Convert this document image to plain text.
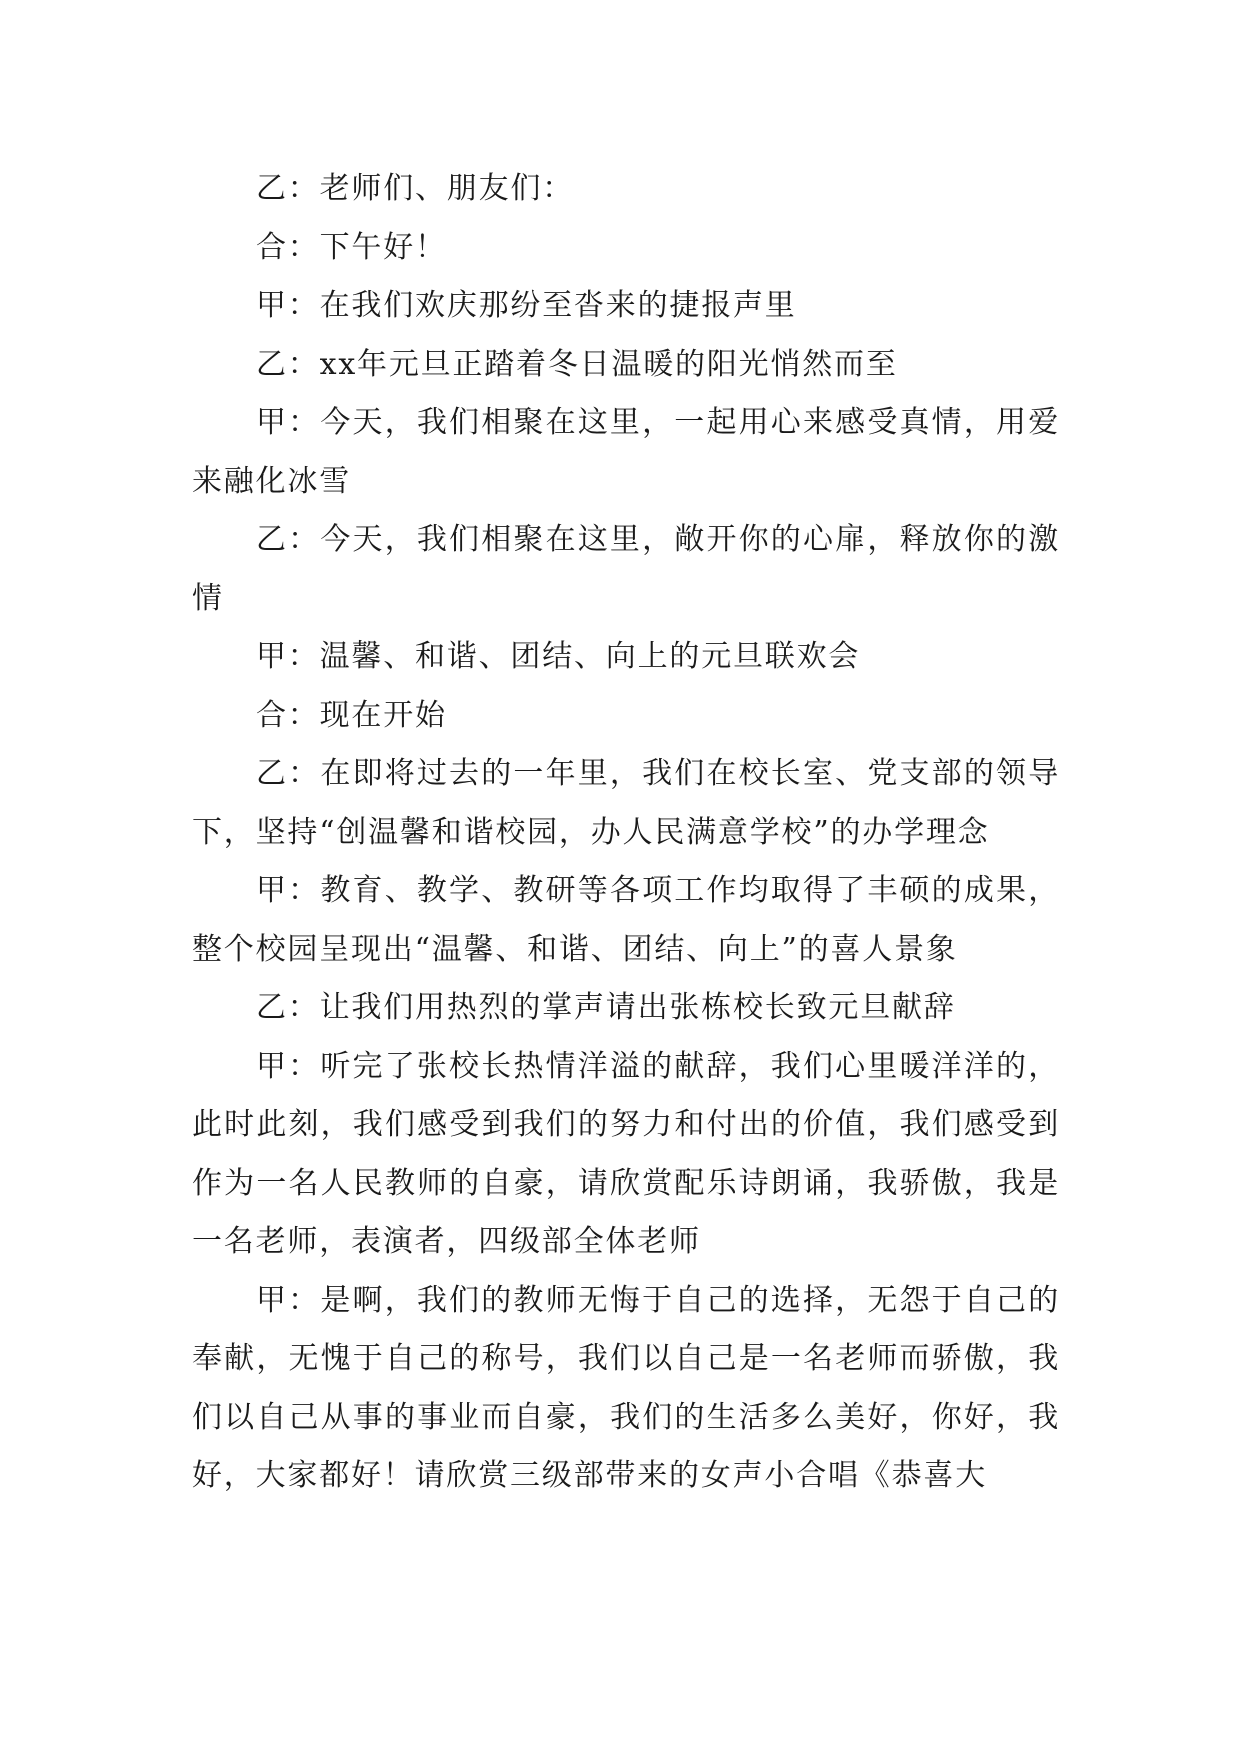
乙：老师们、朋友们：

合：下午好！

甲：在我们欢庆那纷至沓来的捷报声里

乙：xx年元旦正踏着冬日温暖的阳光悄然而至

甲：今天，我们相聚在这里，一起用心来感受真情，用爱来融化冰雪

乙：今天，我们相聚在这里，敞开你的心扉，释放你的激情

甲：温馨、和谐、团结、向上的元旦联欢会

合：现在开始

乙：在即将过去的一年里，我们在校长室、党支部的领导下，坚持“创温馨和谐校园，办人民满意学校”的办学理念

甲：教育、教学、教研等各项工作均取得了丰硕的成果，整个校园呈现出“温馨、和谐、团结、向上”的喜人景象

乙：让我们用热烈的掌声请出张栋校长致元旦献辞

甲：听完了张校长热情洋溢的献辞，我们心里暖洋洋的，此时此刻，我们感受到我们的努力和付出的价值，我们感受到作为一名人民教师的自豪，请欣赏配乐诗朗诵，我骄傲，我是一名老师，表演者，四级部全体老师

甲：是啊，我们的教师无悔于自己的选择，无怨于自己的奉献，无愧于自己的称号，我们以自己是一名老师而骄傲，我们以自己从事的事业而自豪，我们的生活多么美好，你好，我好，大家都好！请欣赏三级部带来的女声小合唱《恭喜大
